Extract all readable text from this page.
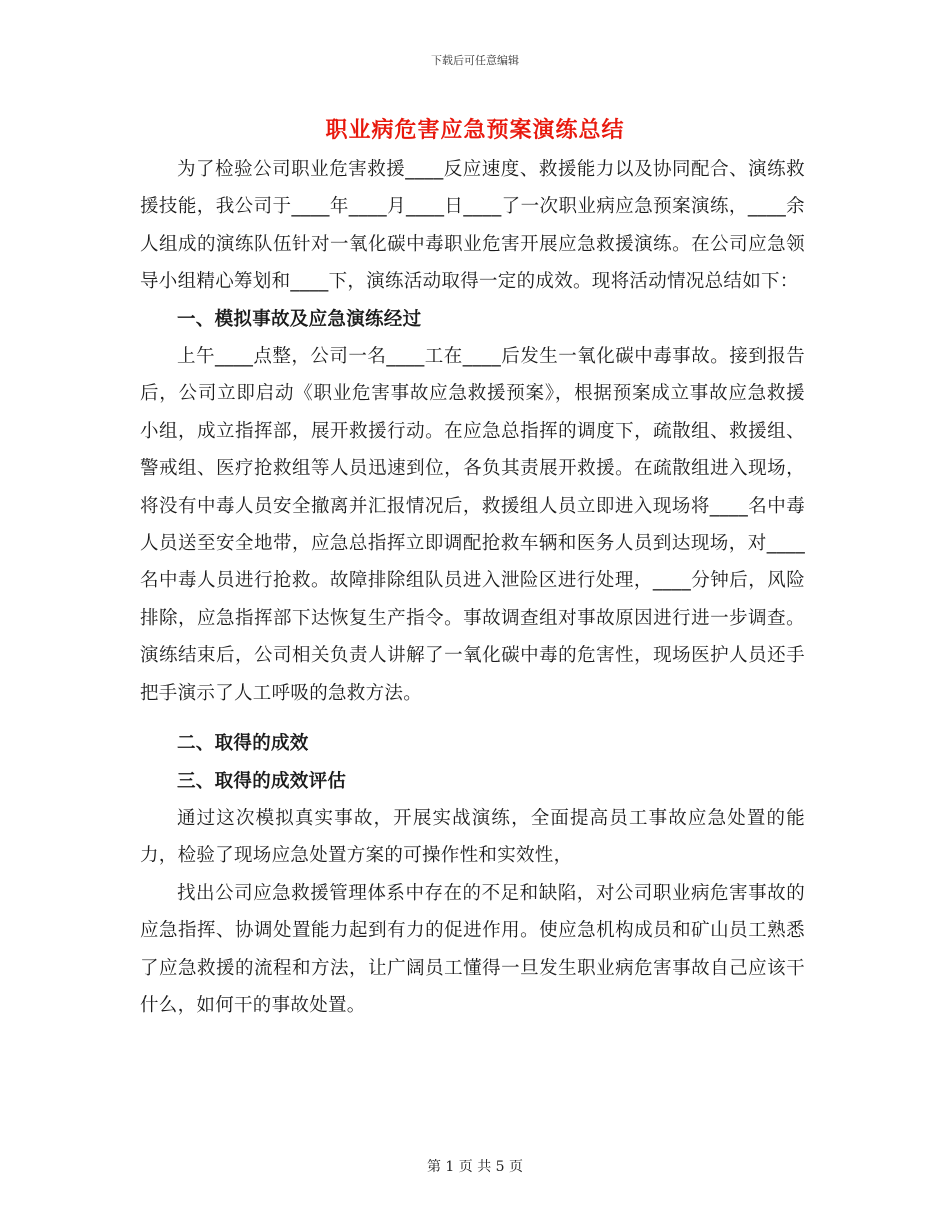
下载后可任意编辑
职业病危害应急预案演练总结

为了检验公司职业危害救援____反应速度、救援能力以及协同配合、演练救援技能，我公司于____年____月____日____了一次职业病应急预案演练，____余人组成的演练队伍针对一氧化碳中毒职业危害开展应急救援演练。在公司应急领导小组精心筹划和____下，演练活动取得一定的成效。现将活动情况总结如下：

一、模拟事故及应急演练经过

上午____点整，公司一名____工在____后发生一氧化碳中毒事故。接到报告后，公司立即启动《职业危害事故应急救援预案》，根据预案成立事故应急救援小组，成立指挥部，展开救援行动。在应急总指挥的调度下，疏散组、救援组、警戒组、医疗抢救组等人员迅速到位，各负其责展开救援。在疏散组进入现场，将没有中毒人员安全撤离并汇报情况后，救援组人员立即进入现场将____名中毒人员送至安全地带，应急总指挥立即调配抢救车辆和医务人员到达现场，对____名中毒人员进行抢救。故障排除组队员进入泄险区进行处理，____分钟后，风险排除，应急指挥部下达恢复生产指令。事故调查组对事故原因进行进一步调查。演练结束后，公司相关负责人讲解了一氧化碳中毒的危害性，现场医护人员还手把手演示了人工呼吸的急救方法。

二、取得的成效
三、取得的成效评估

通过这次模拟真实事故，开展实战演练，全面提高员工事故应急处置的能力，检验了现场应急处置方案的可操作性和实效性，

找出公司应急救援管理体系中存在的不足和缺陷，对公司职业病危害事故的应急指挥、协调处置能力起到有力的促进作用。使应急机构成员和矿山员工熟悉了应急救援的流程和方法，让广阔员工懂得一旦发生职业病危害事故自己应该干什么，如何干的事故处置。

第 1 页 共 5 页
